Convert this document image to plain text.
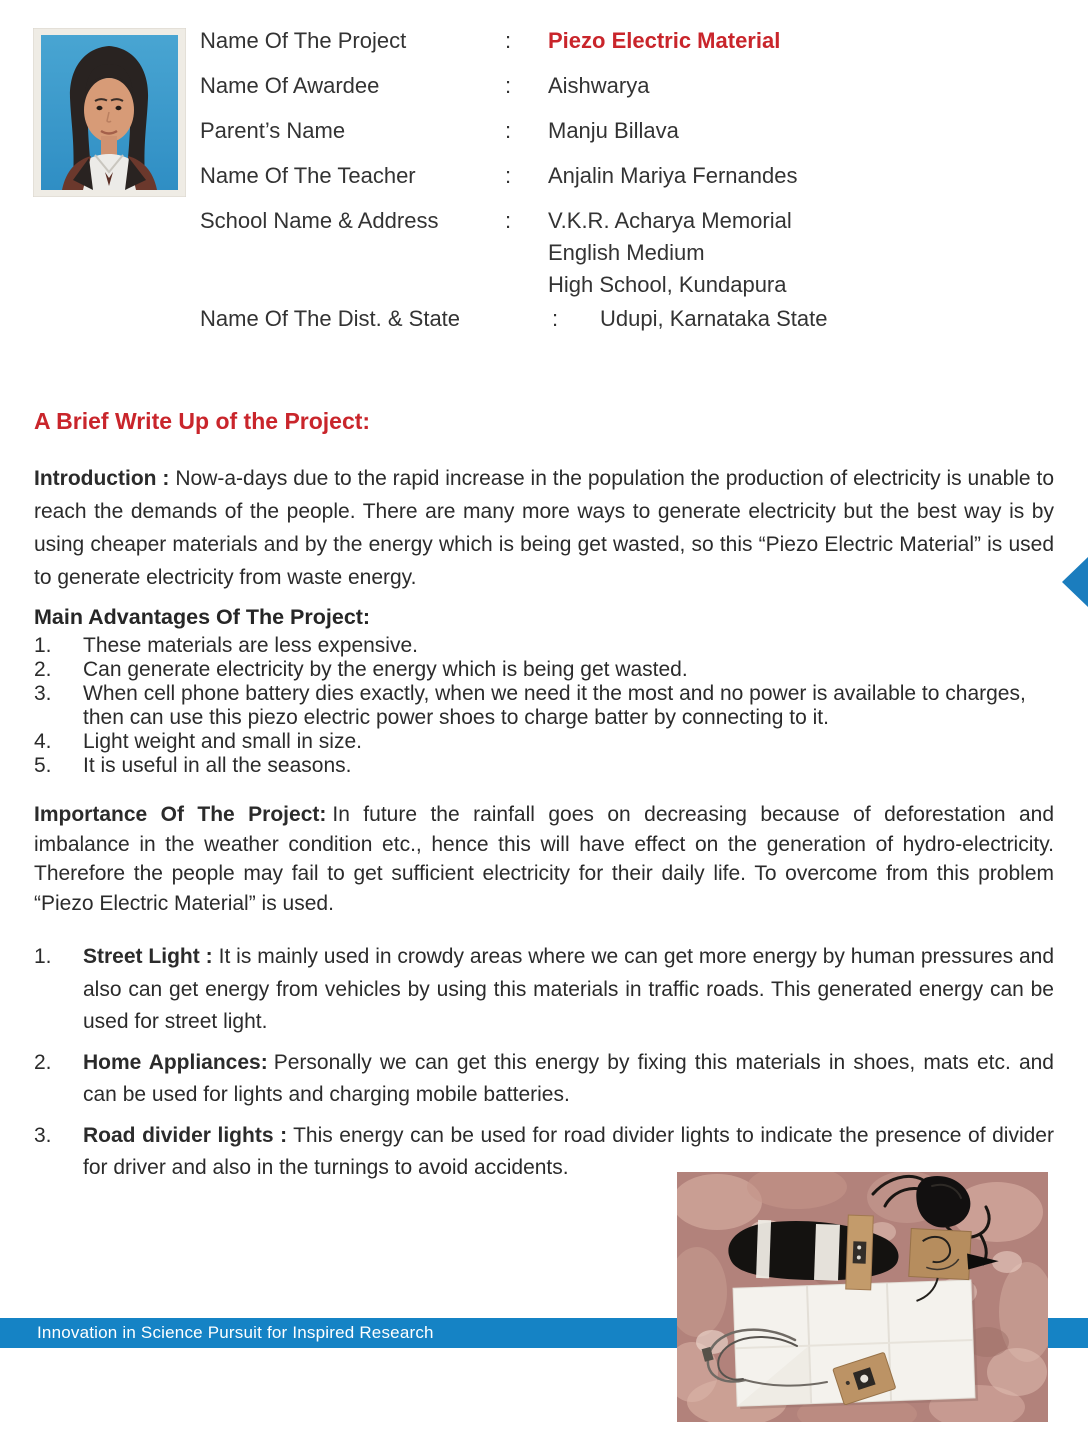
Name Of The Project	:	Piezo Electric Material
Name Of Awardee	:	Aishwarya
Parent’s Name	:	Manju Billava
Name Of The Teacher	:	Anjalin Mariya Fernandes
School Name & Address	:	V.K.R. Acharya Memorial
English Medium
High School, Kundapura
Name Of The Dist. & State	:	Udupi, Karnataka State
A Brief Write Up of the Project:

Introduction : Now-a-days due to the rapid increase in the population the production of electricity is unable to reach the demands of the people. There are many more ways to generate electricity but the best way is by using cheaper materials and by the energy which is being get wasted, so this “Piezo Electric Material” is used to generate electricity from waste energy.

Main Advantages Of The Project:
1.	These materials are less expensive.
2.	Can generate electricity by the energy which is being get wasted.
3.	When cell phone battery dies exactly, when we need it the most and no power is available to charges, then can use this piezo electric power shoes to charge batter by connecting to it.
4.	Light weight and small in size.
5.	It is useful in all the seasons.

Importance Of The Project: In future the rainfall goes on decreasing because of deforestation and imbalance in the weather condition etc., hence this will have effect on the generation of hydro-electricity. Therefore the people may fail to get sufficient electricity for their daily life. To overcome from this problem “Piezo Electric Material” is used.

1.	Street Light : It is mainly used in crowdy areas where we can get more energy by human pressures and also can get energy from vehicles by using this materials in traffic roads. This generated energy can be used for street light.
2.	Home Appliances: Personally we can get this energy by fixing this materials in shoes, mats etc. and can be used for lights and charging mobile batteries.
3.	Road divider lights : This energy can be used for road divider lights to indicate the presence of divider for driver and also in the turnings to avoid accidents.
Innovation in Science Pursuit for Inspired Research
